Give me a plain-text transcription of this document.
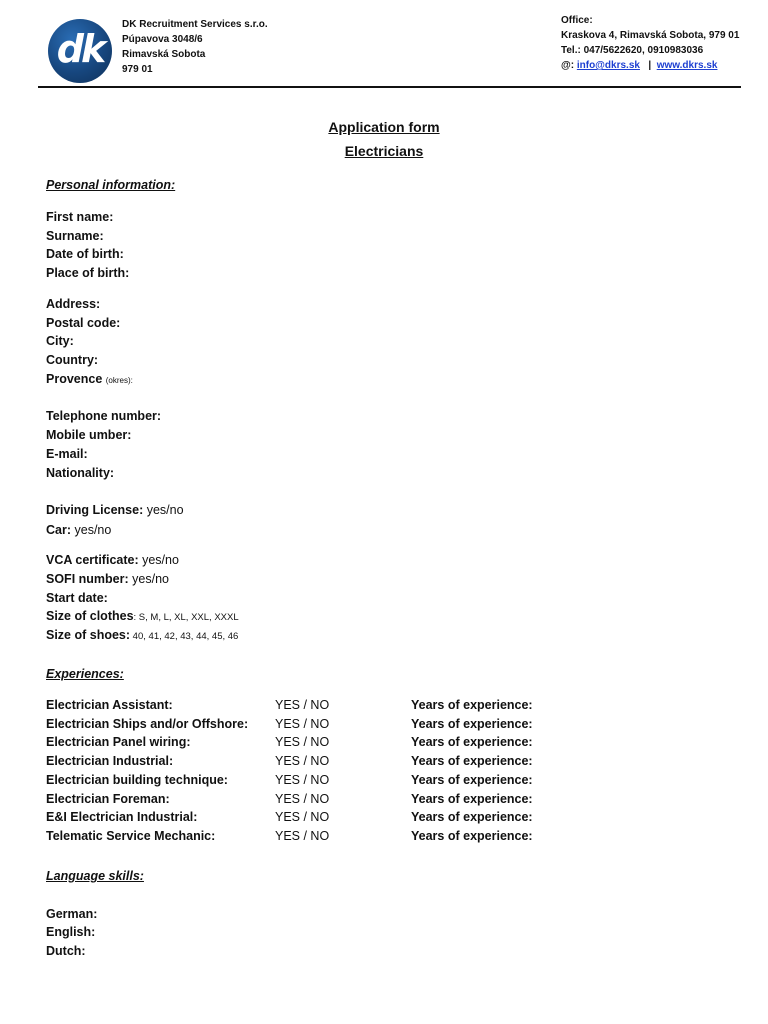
dk
DK Recruitment Services s.r.o.
Púpavova 3048/6
Rimavská Sobota
979 01
Office:
Kraskova 4, Rimavská Sobota, 979 01
Tel.: 047/5622620, 0910983036
@: info@dkrs.sk | www.dkrs.sk
Application form
Electricians
Personal information:
First name:
Surname:
Date of birth:
Place of birth:
Address:
Postal code:
City:
Country:
Provence (okres):
Telephone number:
Mobile umber:
E-mail:
Nationality:
Driving License: yes/no
Car: yes/no
VCA certificate: yes/no
SOFI number: yes/no
Start date:
Size of clothes: S, M, L, XL, XXL, XXXL
Size of shoes: 40, 41, 42, 43, 44, 45, 46
Experiences:
Electrician Assistant:	YES / NO	Years of experience:
Electrician Ships and/or Offshore: YES / NO	Years of experience:
Electrician Panel wiring:	YES / NO	Years of experience:
Electrician Industrial:	YES / NO	Years of experience:
Electrician building technique:	YES / NO	Years of experience:
Electrician Foreman:	YES / NO	Years of experience:
E&I Electrician Industrial:	YES / NO	Years of experience:
Telematic Service Mechanic:	YES / NO	Years of experience:
Language skills:
German:
English:
Dutch:
